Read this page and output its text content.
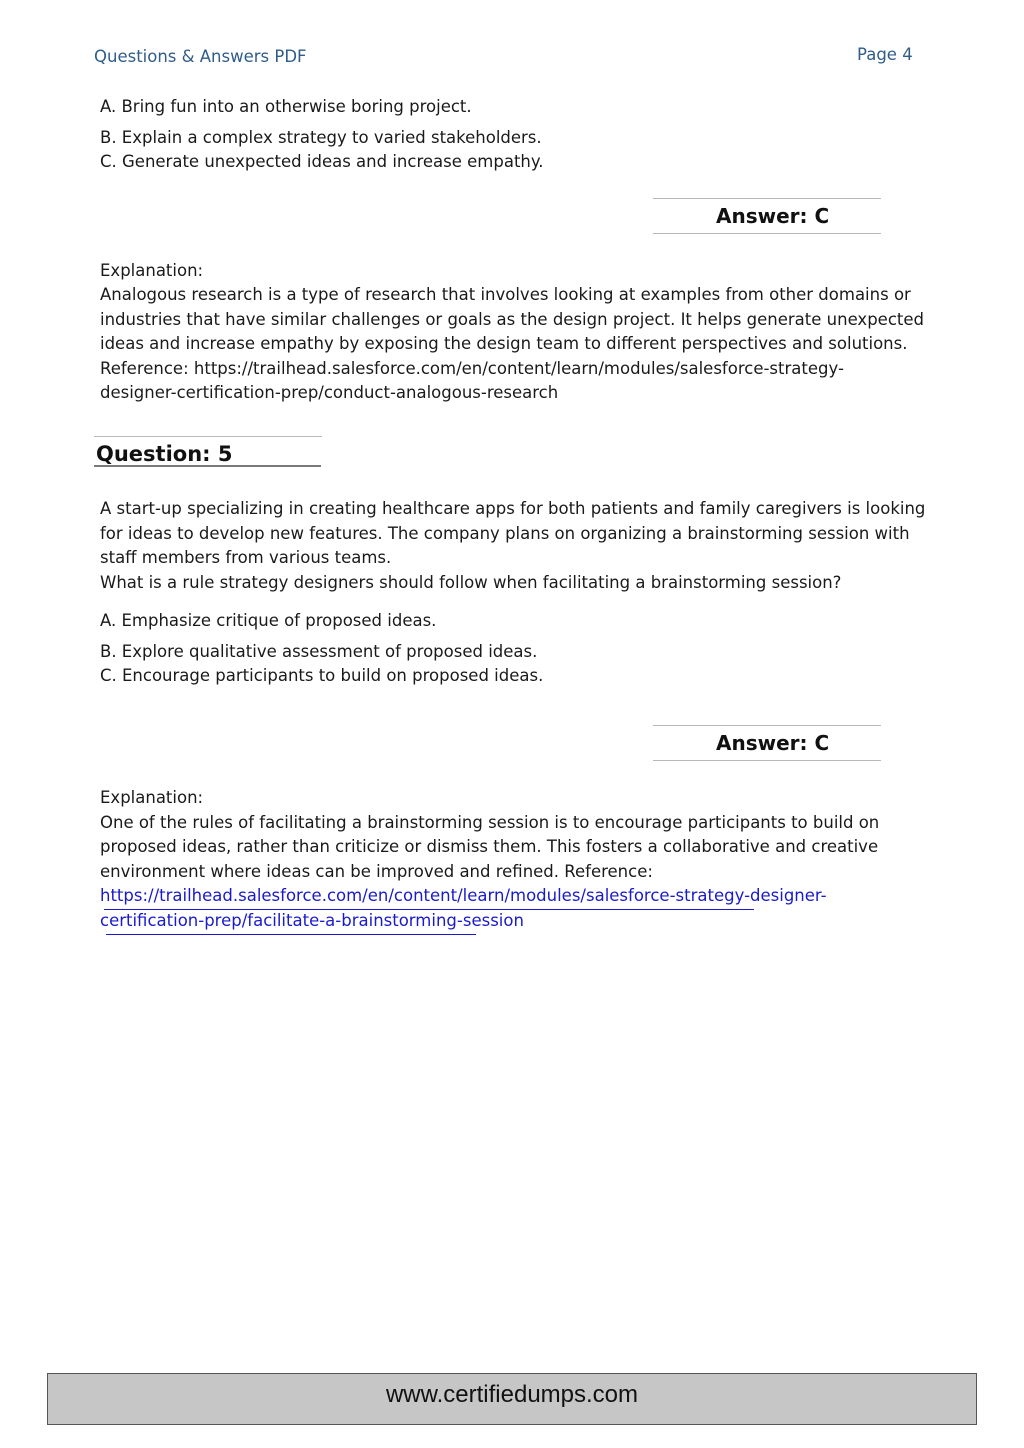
Questions & Answers PDF	Page 4
A. Bring fun into an otherwise boring project.
B. Explain a complex strategy to varied stakeholders.
C. Generate unexpected ideas and increase empathy.
Answer: C
Explanation:
Analogous research is a type of research that involves looking at examples from other domains or
industries that have similar challenges or goals as the design project. It helps generate unexpected
ideas and increase empathy by exposing the design team to different perspectives and solutions.
Reference: https://trailhead.salesforce.com/en/content/learn/modules/salesforce-strategy-
designer-certification-prep/conduct-analogous-research
Question: 5
A start-up specializing in creating healthcare apps for both patients and family caregivers is looking
for ideas to develop new features. The company plans on organizing a brainstorming session with
staff members from various teams.
What is a rule strategy designers should follow when facilitating a brainstorming session?
A. Emphasize critique of proposed ideas.
B. Explore qualitative assessment of proposed ideas.
C. Encourage participants to build on proposed ideas.
Answer: C
Explanation:
One of the rules of facilitating a brainstorming session is to encourage participants to build on
proposed ideas, rather than criticize or dismiss them. This fosters a collaborative and creative
environment where ideas can be improved and refined. Reference:
https://trailhead.salesforce.com/en/content/learn/modules/salesforce-strategy-designer-
certification-prep/facilitate-a-brainstorming-session
www.certifiedumps.com
